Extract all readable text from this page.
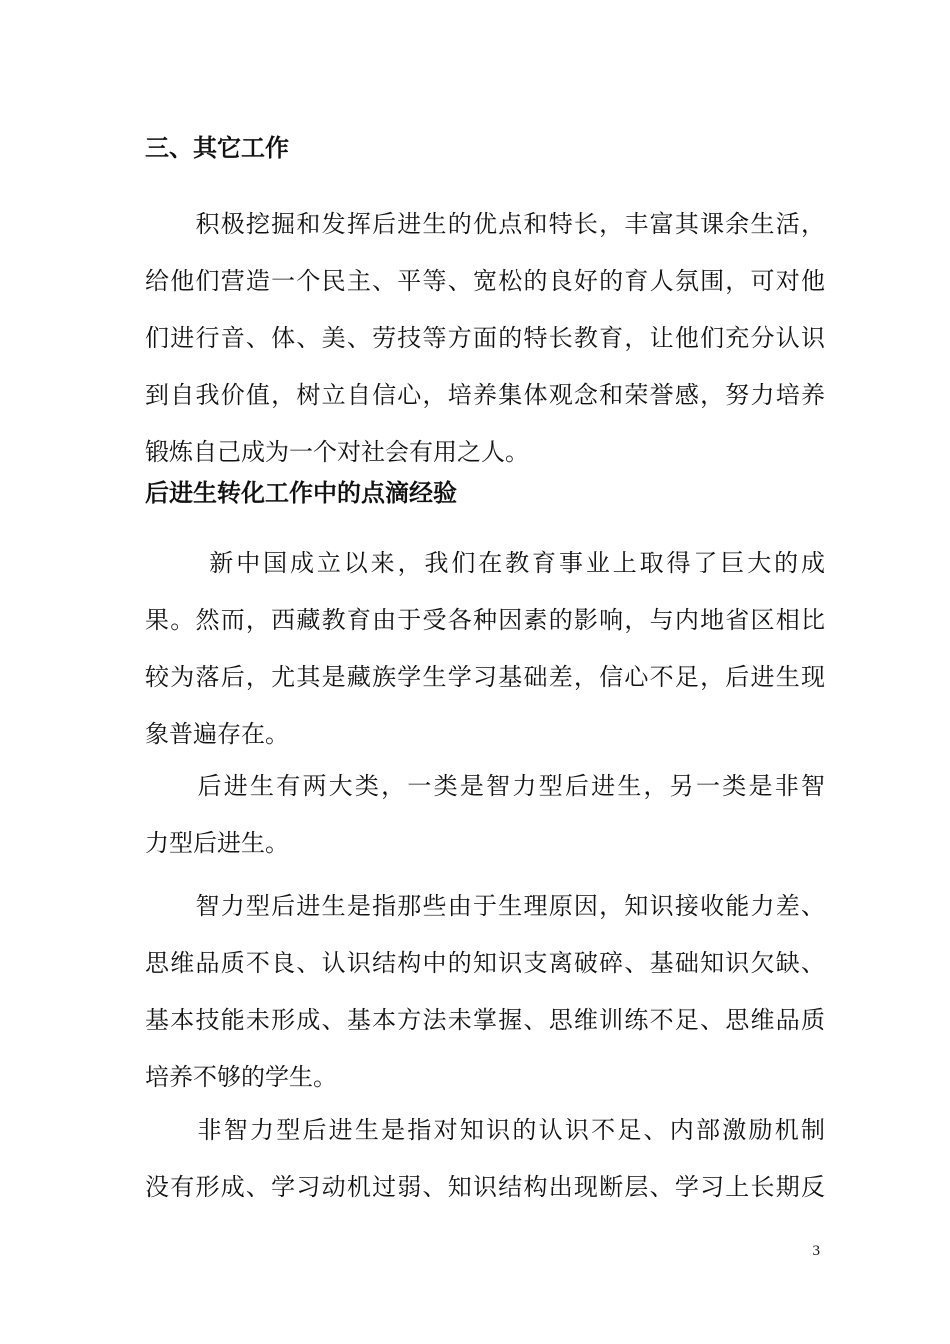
三、其它工作
　　积极挖掘和发挥后进生的优点和特长，丰富其课余生活，
给他们营造一个民主、平等、宽松的良好的育人氛围，可对他
们进行音、体、美、劳技等方面的特长教育，让他们充分认识
到自我价值，树立自信心，培养集体观念和荣誉感，努力培养
锻炼自己成为一个对社会有用之人。
后进生转化工作中的点滴经验
　　 新中国成立以来，我们在教育事业上取得了巨大的成
果。然而，西藏教育由于受各种因素的影响，与内地省区相比
较为落后，尤其是藏族学生学习基础差，信心不足，后进生现
象普遍存在。
　　后进生有两大类，一类是智力型后进生，另一类是非智
力型后进生。
　　智力型后进生是指那些由于生理原因，知识接收能力差、
思维品质不良、认识结构中的知识支离破碎、基础知识欠缺、
基本技能未形成、基本方法未掌握、思维训练不足、思维品质
培养不够的学生。
　　非智力型后进生是指对知识的认识不足、内部激励机制
没有形成、学习动机过弱、知识结构出现断层、学习上长期反
3
